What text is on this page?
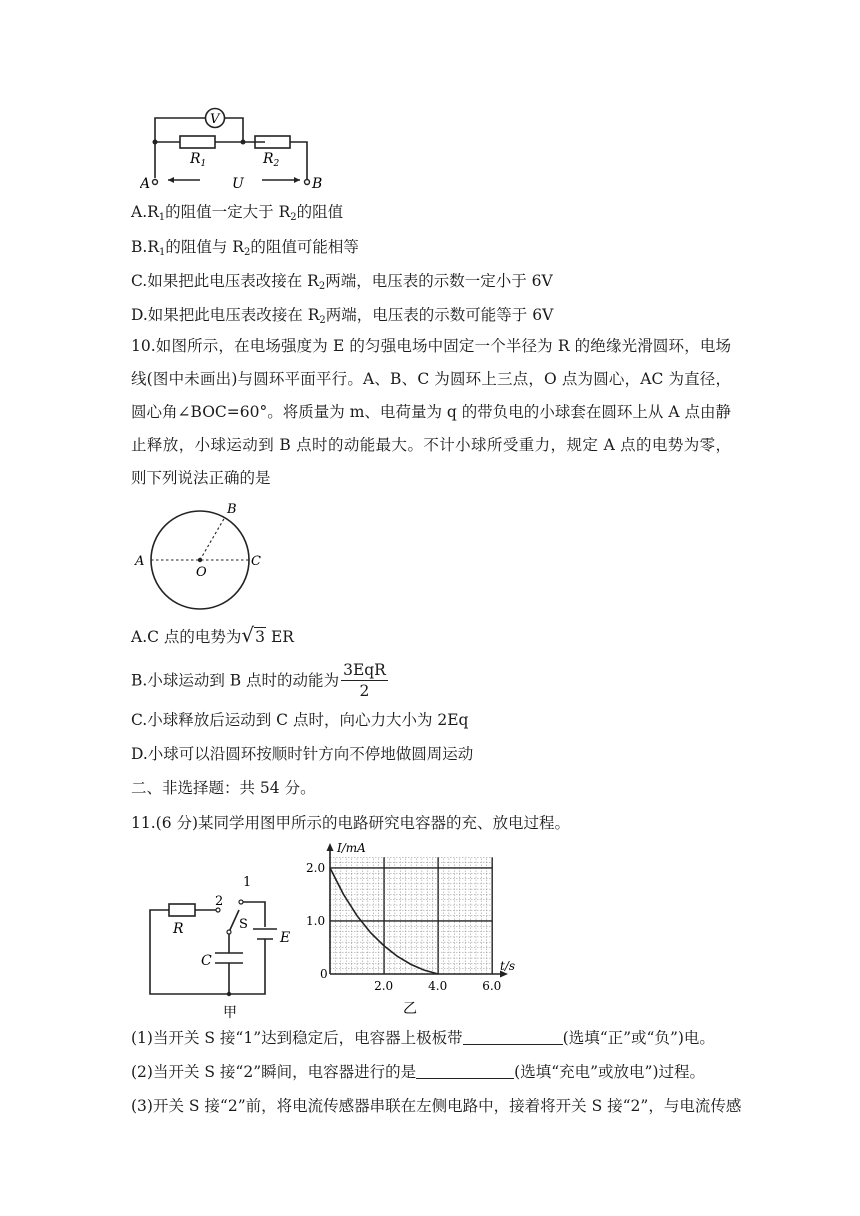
V
$R_1$	$R_2$
A	U	B
$A.R_1$的阻值一定大于 $R_2$的阻值
$B.R_1$的阻值与 $R_2$的阻值可能相等
C.如果把此电压表改接在 $R_2$两端，电压表的示数一定小于 6V
D.如果把此电压表改接在 $R_2$两端，电压表的示数可能等于 6V
10.如图所示，在电场强度为 E 的匀强电场中固定一个半径为 R 的绝缘光滑圆环，电场线(图中未画出)与圆环平面平行。A、B、C 为圆环上三点，O 点为圆心，AC 为直径，圆心角∠BOC=60°。将质量为 m、电荷量为 q 的带负电的小球套在圆环上从 A 点由静止释放，小球运动到 B 点时的动能最大。不计小球所受重力，规定 A 点的电势为零，则下列说法正确的是
A
B
C
O
A.C 点的电势为√3 ER
B.小球运动到 B 点时的动能为 $\frac{\text{3EqR}}{2}$
C.小球释放后运动到 C 点时，向心力大小为 2Eq
D.小球可以沿圆环按顺时针方向不停地做圆周运动
二、非选择题：共 54 分。
11.(6 分)某同学用图甲所示的电路研究电容器的充、放电过程。
R
2
1
S
E
C
甲
I/mA
t/s
2.0	4.0	6.0
0
1.0
2.0
乙
(1)当开关 S 接“1”达到稳定后，电容器上极板带	(选填“正”或“负”)电。
(2)当开关 S 接“2”瞬间，电容器进行的是	(选填“充电”或放电”)过程。
(3)开关 S 接“2”前，将电流传感器串联在左侧电路中，接着将开关 S 接“2”，与电流传感
